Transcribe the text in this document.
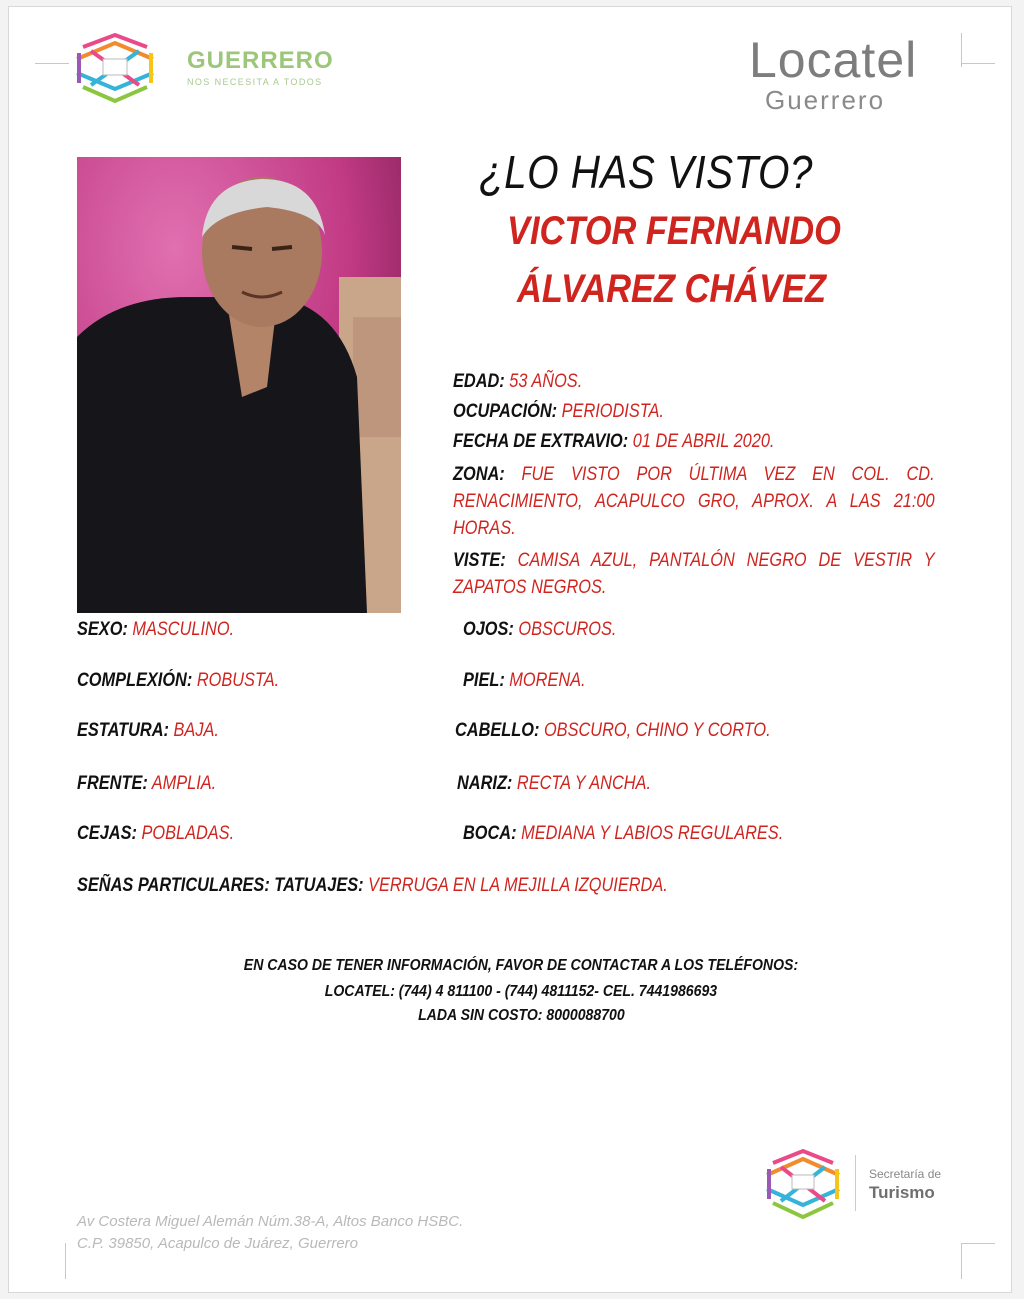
GUERRERO
NOS NECESITA A TODOS	Locatel
Guerrero
¿LO HAS VISTO?
VICTOR FERNANDO
ÁLVAREZ CHÁVEZ
EDAD: 53 AÑOS.
OCUPACIÓN: PERIODISTA.
FECHA DE EXTRAVIO: 01 DE ABRIL 2020.
ZONA: FUE VISTO POR ÚLTIMA VEZ EN COL. CD. RENACIMIENTO, ACAPULCO GRO, APROX. A LAS 21:00 HORAS.
VISTE: CAMISA AZUL, PANTALÓN NEGRO DE VESTIR Y ZAPATOS NEGROS.
SEXO: MASCULINO.	OJOS: OBSCUROS.
COMPLEXIÓN: ROBUSTA.	PIEL: MORENA.
ESTATURA: BAJA.	CABELLO: OBSCURO, CHINO Y CORTO.
FRENTE: AMPLIA.	NARIZ: RECTA Y ANCHA.
CEJAS: POBLADAS.	BOCA: MEDIANA Y LABIOS REGULARES.
SEÑAS PARTICULARES: TATUAJES: VERRUGA EN LA MEJILLA IZQUIERDA.
EN CASO DE TENER INFORMACIÓN, FAVOR DE CONTACTAR A LOS TELÉFONOS:
LOCATEL: (744) 4 811100 - (744) 4811152- CEL. 7441986693
LADA SIN COSTO: 8000088700
Secretaría de
Turismo
Av Costera Miguel Alemán Núm.38-A, Altos Banco HSBC.
C.P. 39850, Acapulco de Juárez, Guerrero
